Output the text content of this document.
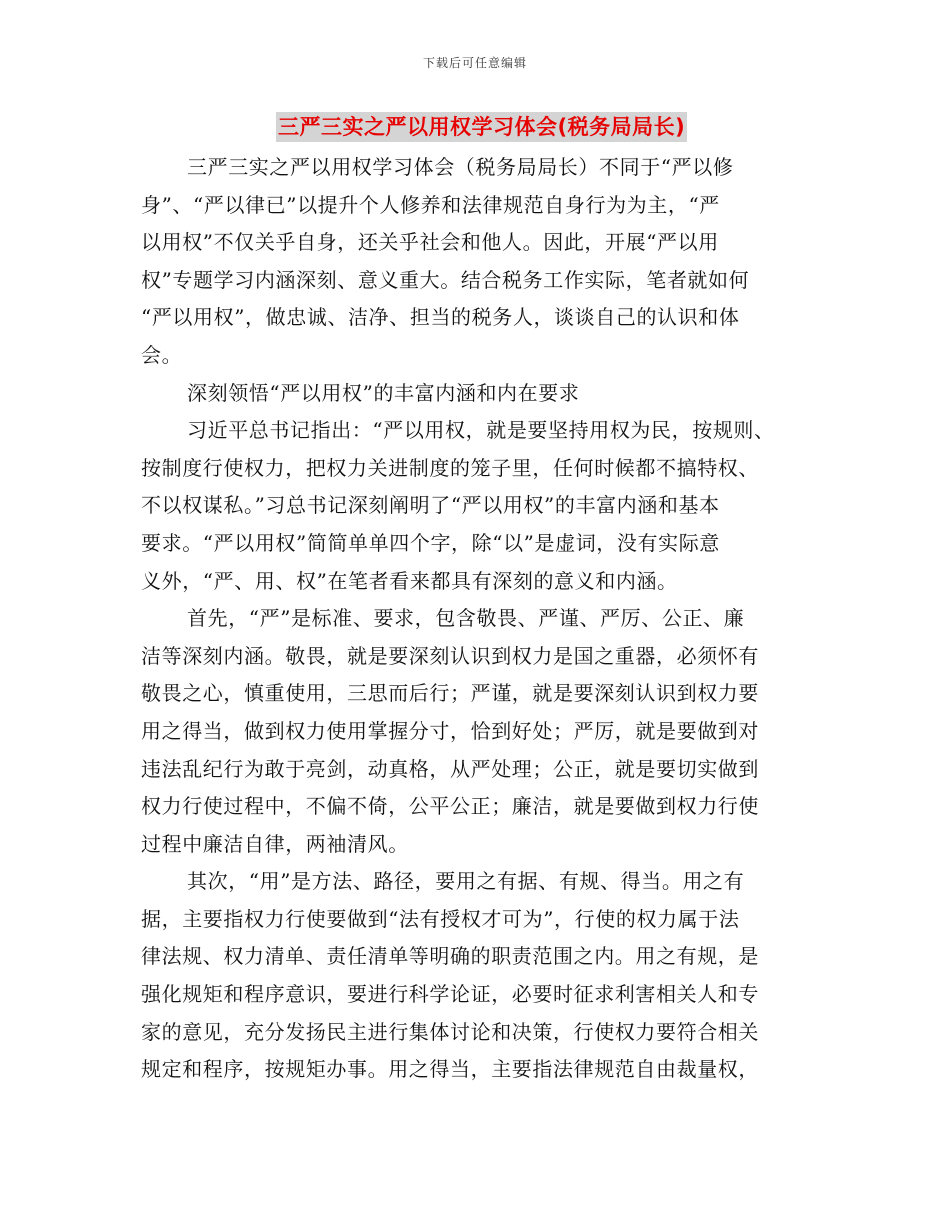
下载后可任意编辑
三严三实之严以用权学习体会(税务局局长)
三严三实之严以用权学习体会（税务局局长）不同于“严以修
身”、“严以律已”以提升个人修养和法律规范自身行为为主，“严
以用权”不仅关乎自身，还关乎社会和他人。因此，开展“严以用
权”专题学习内涵深刻、意义重大。结合税务工作实际，笔者就如何
“严以用权”，做忠诚、洁净、担当的税务人，谈谈自己的认识和体
会。
深刻领悟“严以用权”的丰富内涵和内在要求
习近平总书记指出：“严以用权，就是要坚持用权为民，按规则、
按制度行使权力，把权力关进制度的笼子里，任何时候都不搞特权、
不以权谋私。”习总书记深刻阐明了“严以用权”的丰富内涵和基本
要求。“严以用权”简简单单四个字，除“以”是虚词，没有实际意
义外，“严、用、权”在笔者看来都具有深刻的意义和内涵。
首先，“严”是标准、要求，包含敬畏、严谨、严厉、公正、廉
洁等深刻内涵。敬畏，就是要深刻认识到权力是国之重器，必须怀有
敬畏之心，慎重使用，三思而后行；严谨，就是要深刻认识到权力要
用之得当，做到权力使用掌握分寸，恰到好处；严厉，就是要做到对
违法乱纪行为敢于亮剑，动真格，从严处理；公正，就是要切实做到
权力行使过程中，不偏不倚，公平公正；廉洁，就是要做到权力行使
过程中廉洁自律，两袖清风。
其次，“用”是方法、路径，要用之有据、有规、得当。用之有
据，主要指权力行使要做到“法有授权才可为”，行使的权力属于法
律法规、权力清单、责任清单等明确的职责范围之内。用之有规，是
强化规矩和程序意识，要进行科学论证，必要时征求利害相关人和专
家的意见，充分发扬民主进行集体讨论和决策，行使权力要符合相关
规定和程序，按规矩办事。用之得当，主要指法律规范自由裁量权，
